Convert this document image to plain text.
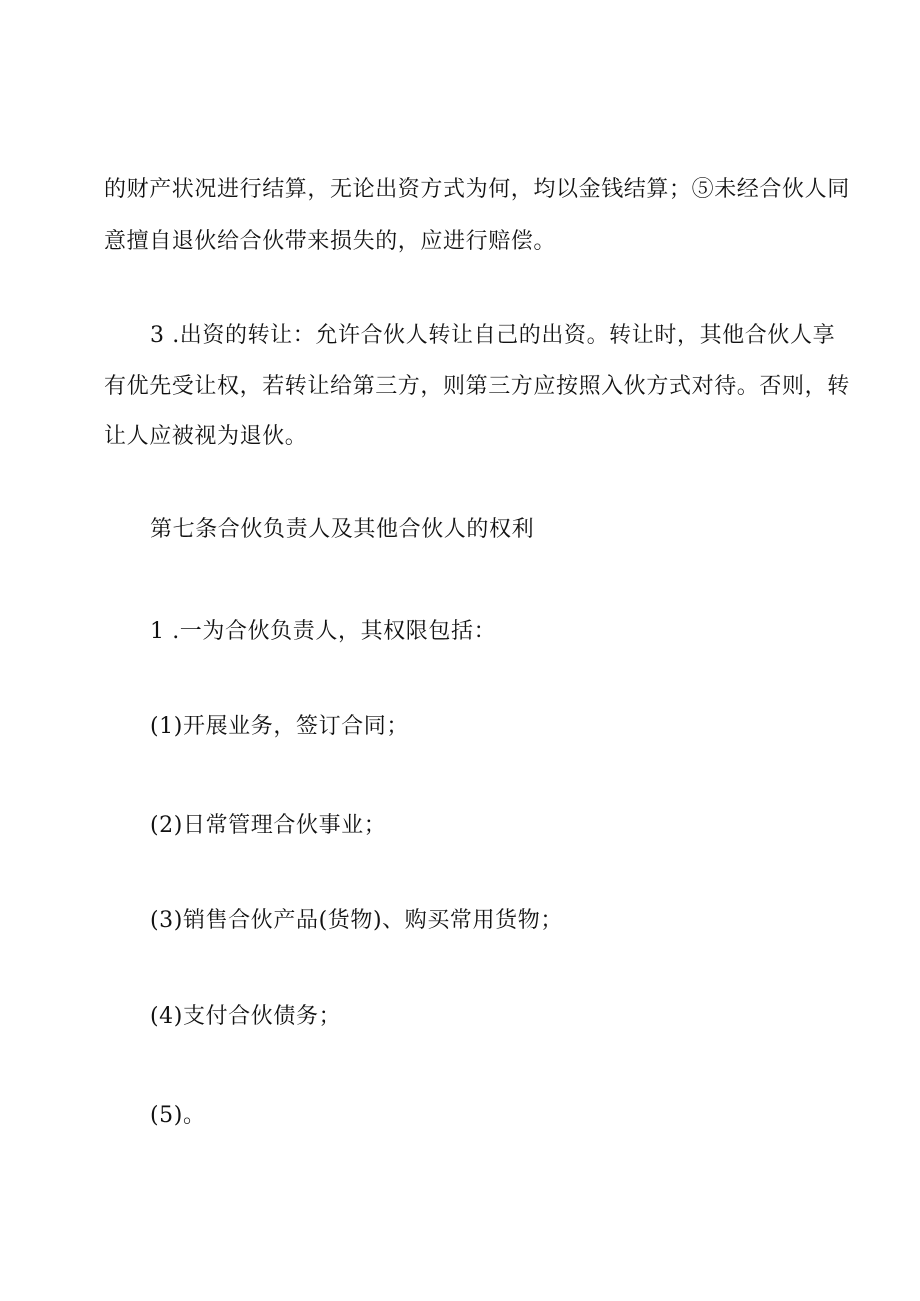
的财产状况进行结算，无论出资方式为何，均以金钱结算；⑤未经合伙人同
意擅自退伙给合伙带来损失的，应进行赔偿。
3 .出资的转让：允许合伙人转让自己的出资。转让时，其他合伙人享
有优先受让权，若转让给第三方，则第三方应按照入伙方式对待。否则，转
让人应被视为退伙。
第七条合伙负责人及其他合伙人的权利
1 .一为合伙负责人，其权限包括：
(1)开展业务，签订合同；
(2)日常管理合伙事业；
(3)销售合伙产品(货物)、购买常用货物；
(4)支付合伙债务；
(5)。
